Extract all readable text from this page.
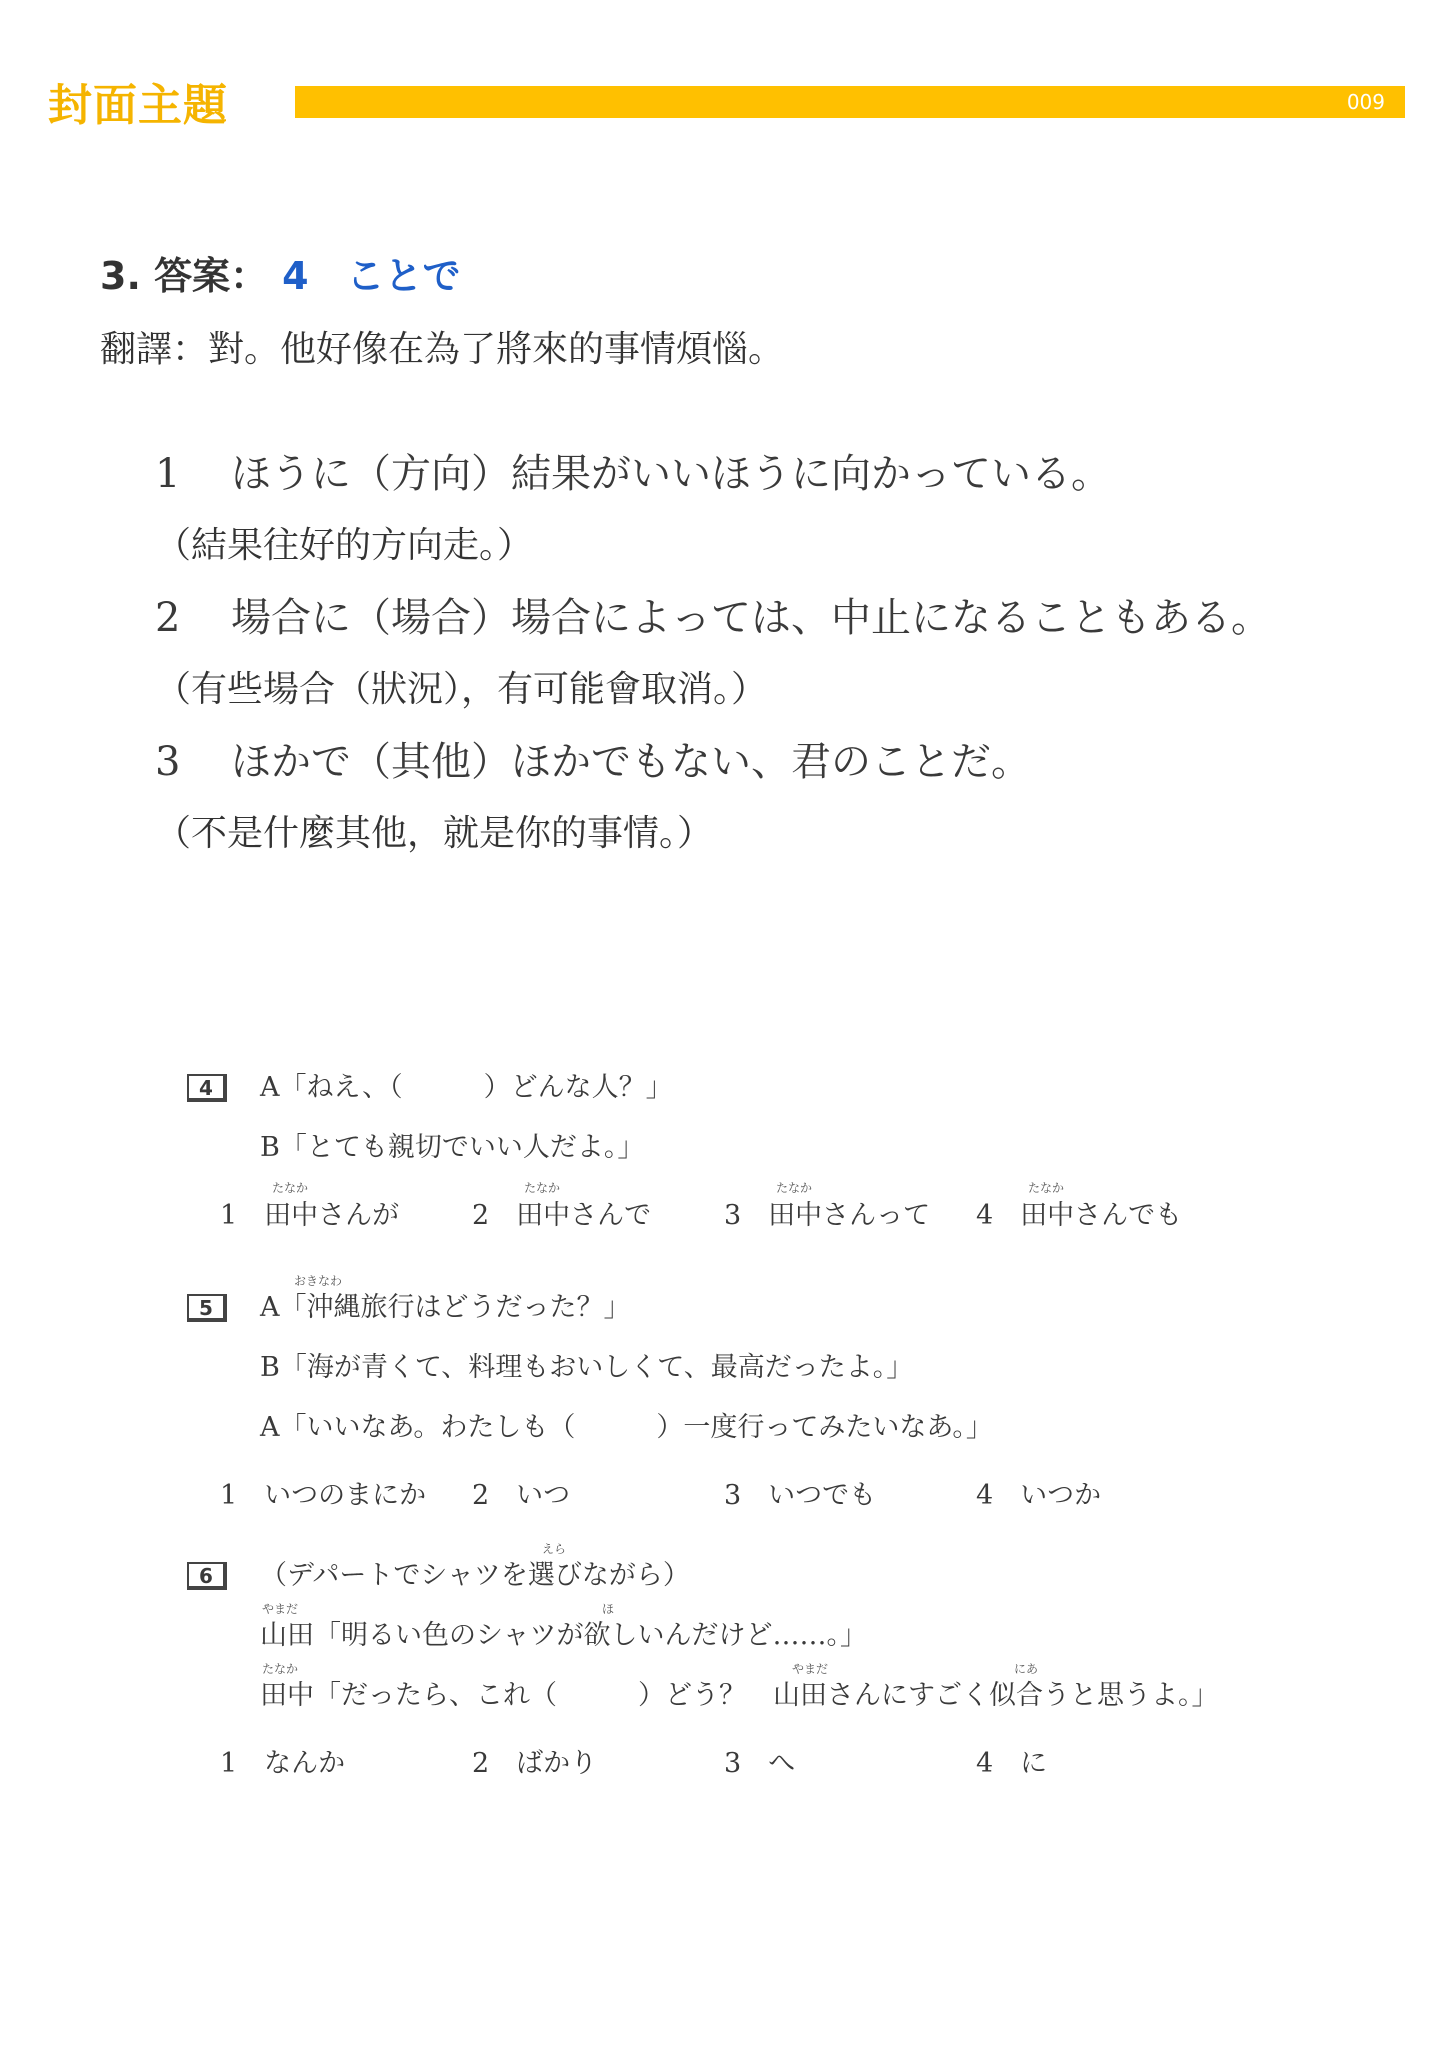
封面主題	009
3. 答案： 4　ことで
翻譯：對。他好像在為了將來的事情煩惱。
1 ほうに（方向）結果がいいほうに向かっている。
（結果往好的方向走。）
2 場合に（場合）場合によっては、中止になることもある。
（有些場合（狀況），有可能會取消。）
3 ほかで（其他）ほかでもない、君のことだ。
（不是什麼其他，就是你的事情。）
4	A「ねえ、（　　　）どんな人？」
B「とても親切でいい人だよ。」
たなか	たなか	たなか	たなか
1　田中さんが	2　田中さんで	3　田中さんって 4　田中さんでも
おきなわ
5	A「沖縄旅行はどうだった？」
B「海が青くて、料理もおいしくて、最高だったよ。」
A「いいなあ。わたしも（　　　）一度行ってみたいなあ。」
1　いつのまにか 2　いつ	3　いつでも	4　いつか
えら
6	（デパートでシャツを選びながら）
やまだ	ほ
山田「明るい色のシャツが欲しいんだけど……。」
たなか	やまだ	にあ
田中「だったら、これ（　　　）どう？　山田さんにすごく似合うと思うよ。」
1　なんか	2　ばかり	3　へ	4　に
